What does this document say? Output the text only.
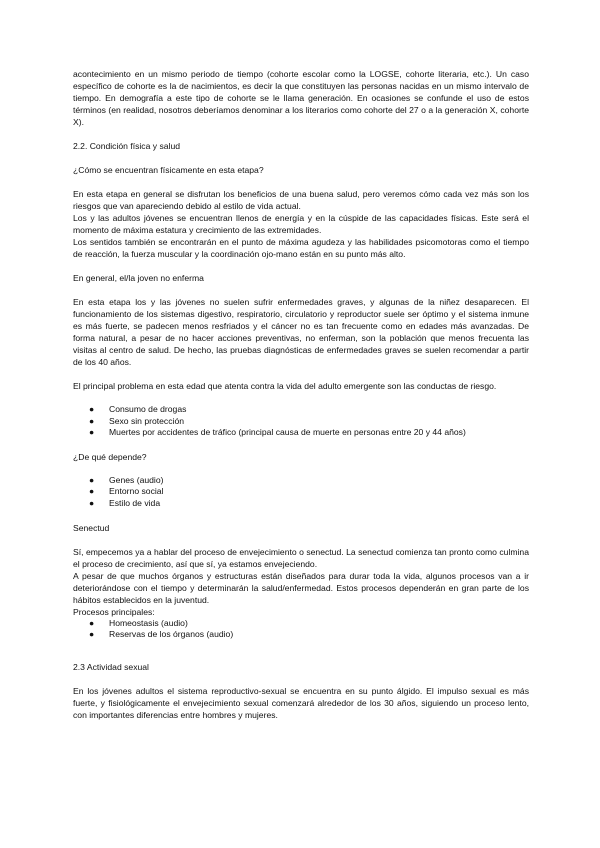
acontecimiento en un mismo periodo de tiempo (cohorte escolar como la LOGSE, cohorte literaria, etc.). Un caso específico de cohorte es la de nacimientos, es decir la que constituyen las personas nacidas en un mismo intervalo de tiempo. En demografía a este tipo de cohorte se le llama generación. En ocasiones se confunde el uso de estos términos (en realidad, nosotros deberíamos denominar a los literarios como cohorte del 27 o a la generación X, cohorte X).

2.2. Condición física y salud

¿Cómo se encuentran físicamente en esta etapa?

En esta etapa en general se disfrutan los beneficios de una buena salud, pero veremos cómo cada vez más son los riesgos que van apareciendo debido al estilo de vida actual.

Los y las adultos jóvenes se encuentran llenos de energía y en la cúspide de las capacidades físicas. Este será el momento de máxima estatura y crecimiento de las extremidades.

Los sentidos también se encontrarán en el punto de máxima agudeza y las habilidades psicomotoras como el tiempo de reacción, la fuerza muscular y la coordinación ojo-mano están en su punto más alto.

En general, el/la joven no enferma

En esta etapa los y las jóvenes no suelen sufrir enfermedades graves, y algunas de la niñez desaparecen. El funcionamiento de los sistemas digestivo, respiratorio, circulatorio y reproductor suele ser óptimo y el sistema inmune es más fuerte, se padecen menos resfriados y el cáncer no es tan frecuente como en edades más avanzadas. De forma natural, a pesar de no hacer acciones preventivas, no enferman, son la población que menos frecuenta las visitas al centro de salud. De hecho, las pruebas diagnósticas de enfermedades graves se suelen recomendar a partir de los 40 años.

El principal problema en esta edad que atenta contra la vida del adulto emergente son las conductas de riesgo.

● Consumo de drogas
● Sexo sin protección
● Muertes por accidentes de tráfico (principal causa de muerte en personas entre 20 y 44 años)

¿De qué depende?

● Genes (audio)
● Entorno social
● Estilo de vida

Senectud

Sí, empecemos ya a hablar del proceso de envejecimiento o senectud. La senectud comienza tan pronto como culmina el proceso de crecimiento, así que sí, ya estamos envejeciendo.

A pesar de que muchos órganos y estructuras están diseñados para durar toda la vida, algunos procesos van a ir deteriorándose con el tiempo y determinarán la salud/enfermedad. Estos procesos dependerán en gran parte de los hábitos establecidos en la juventud.

Procesos principales:

● Homeostasis (audio)
● Reservas de los órganos (audio)

2.3 Actividad sexual

En los jóvenes adultos el sistema reproductivo-sexual se encuentra en su punto álgido. El impulso sexual es más fuerte, y fisiológicamente el envejecimiento sexual comenzará alrededor de los 30 años, siguiendo un proceso lento, con importantes diferencias entre hombres y mujeres.
